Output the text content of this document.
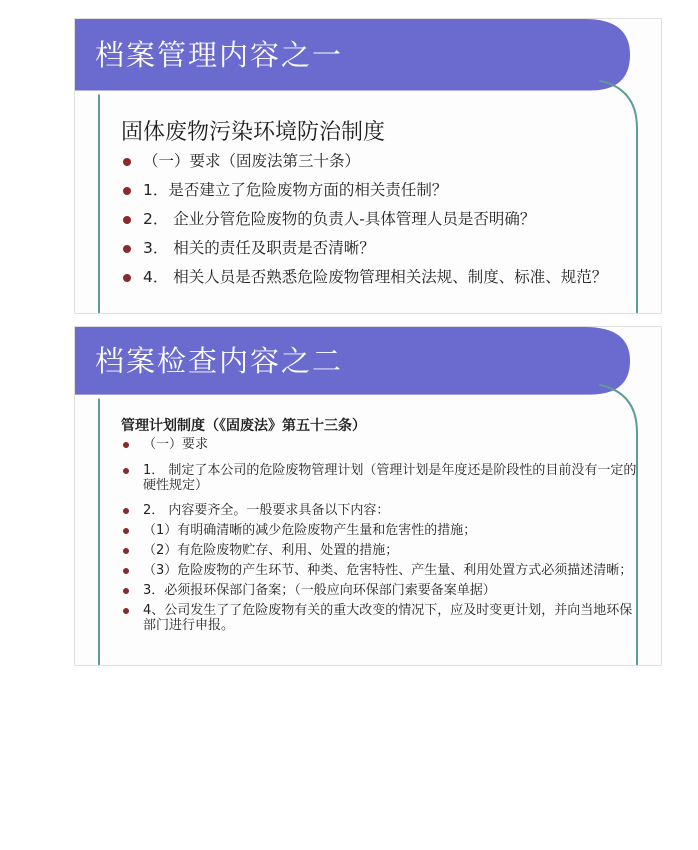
档案管理内容之一
固体废物污染环境防治制度
（一）要求（固废法第三十条）
1．是否建立了危险废物方面的相关责任制？
2． 企业分管危险废物的负责人-具体管理人员是否明确？
3． 相关的责任及职责是否清晰？
4． 相关人员是否熟悉危险废物管理相关法规、制度、标准、规范？
档案检查内容之二
管理计划制度（《固废法》第五十三条）
（一）要求
1． 制定了本公司的危险废物管理计划（管理计划是年度还是阶段性的目前没有一定的硬性规定）
2． 内容要齐全。一般要求具备以下内容：
（1）有明确清晰的减少危险废物产生量和危害性的措施；
（2）有危险废物贮存、利用、处置的措施；
（3）危险废物的产生环节、种类、危害特性、产生量、利用处置方式必须描述清晰；
3．必须报环保部门备案；（一般应向环保部门索要备案单据）
4、公司发生了了危险废物有关的重大改变的情况下，应及时变更计划，并向当地环保部门进行申报。
